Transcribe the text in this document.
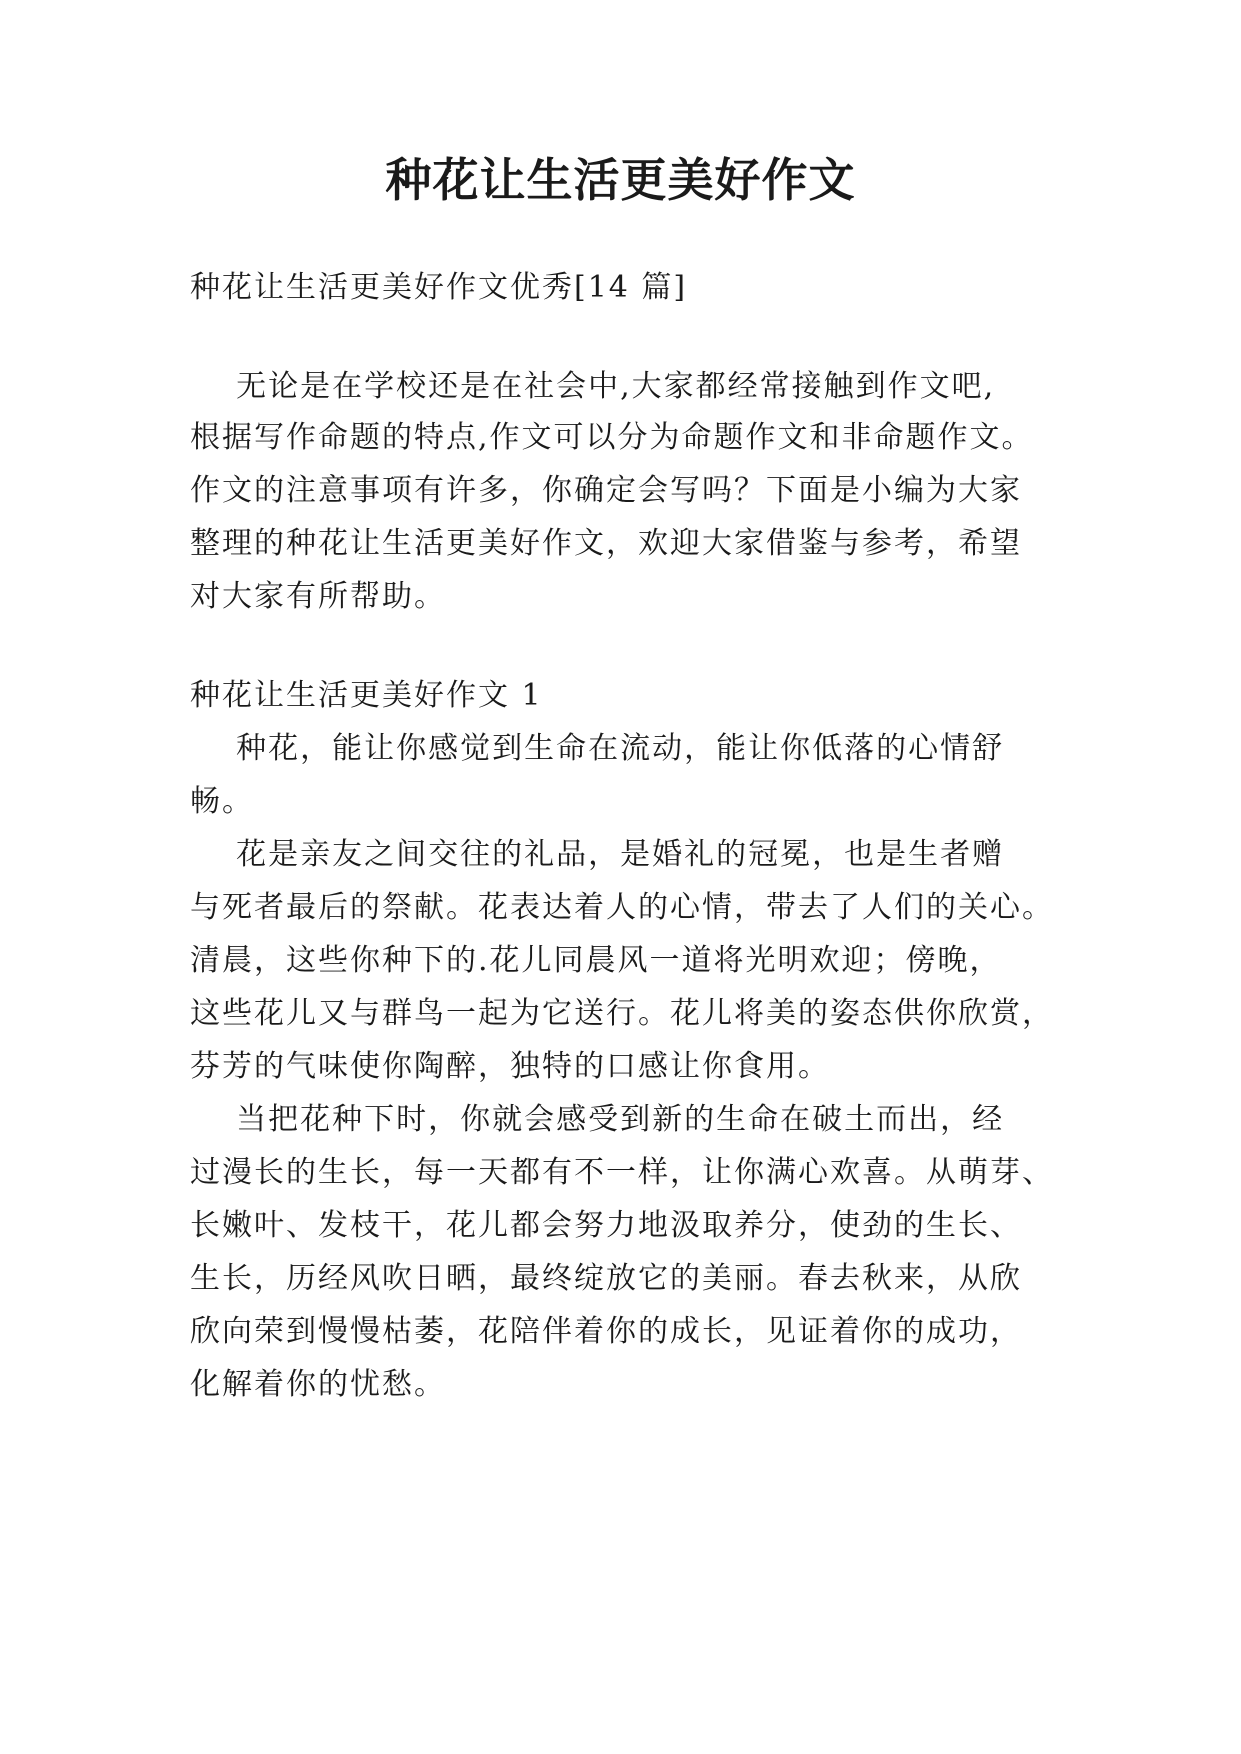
种花让生活更美好作文
种花让生活更美好作文优秀[14 篇]
无论是在学校还是在社会中,大家都经常接触到作文吧,
根据写作命题的特点,作文可以分为命题作文和非命题作文。
作文的注意事项有许多，你确定会写吗？下面是小编为大家
整理的种花让生活更美好作文，欢迎大家借鉴与参考，希望
对大家有所帮助。
种花让生活更美好作文 1
种花，能让你感觉到生命在流动，能让你低落的心情舒
畅。
花是亲友之间交往的礼品，是婚礼的冠冕，也是生者赠
与死者最后的祭献。花表达着人的心情，带去了人们的关心。
清晨，这些你种下的.花儿同晨风一道将光明欢迎；傍晚，
这些花儿又与群鸟一起为它送行。花儿将美的姿态供你欣赏，
芬芳的气味使你陶醉，独特的口感让你食用。
当把花种下时，你就会感受到新的生命在破土而出，经
过漫长的生长，每一天都有不一样，让你满心欢喜。从萌芽、
长嫩叶、发枝干，花儿都会努力地汲取养分，使劲的生长、
生长，历经风吹日晒，最终绽放它的美丽。春去秋来，从欣
欣向荣到慢慢枯萎，花陪伴着你的成长，见证着你的成功，
化解着你的忧愁。
